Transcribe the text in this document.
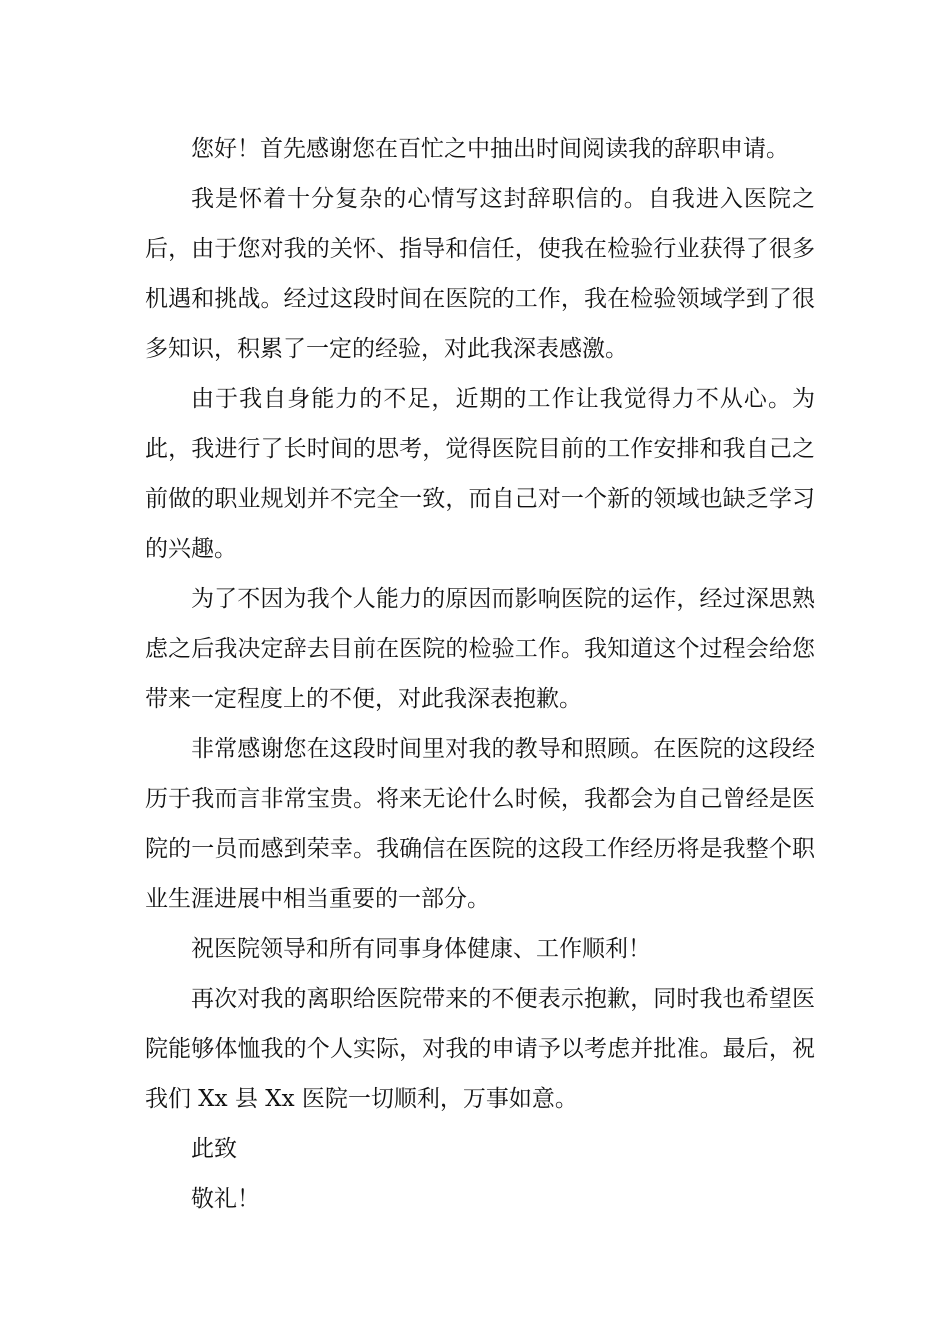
您好！首先感谢您在百忙之中抽出时间阅读我的辞职申请。

我是怀着十分复杂的心情写这封辞职信的。自我进入医院之后，由于您对我的关怀、指导和信任，使我在检验行业获得了很多机遇和挑战。经过这段时间在医院的工作，我在检验领域学到了很多知识，积累了一定的经验，对此我深表感激。

由于我自身能力的不足，近期的工作让我觉得力不从心。为此，我进行了长时间的思考，觉得医院目前的工作安排和我自己之前做的职业规划并不完全一致，而自己对一个新的领域也缺乏学习的兴趣。

为了不因为我个人能力的原因而影响医院的运作，经过深思熟虑之后我决定辞去目前在医院的检验工作。我知道这个过程会给您带来一定程度上的不便，对此我深表抱歉。

非常感谢您在这段时间里对我的教导和照顾。在医院的这段经历于我而言非常宝贵。将来无论什么时候，我都会为自己曾经是医院的一员而感到荣幸。我确信在医院的这段工作经历将是我整个职业生涯进展中相当重要的一部分。

祝医院领导和所有同事身体健康、工作顺利！

再次对我的离职给医院带来的不便表示抱歉，同时我也希望医院能够体恤我的个人实际，对我的申请予以考虑并批准。最后，祝我们 Xx 县 Xx 医院一切顺利，万事如意。

此致

敬礼！
